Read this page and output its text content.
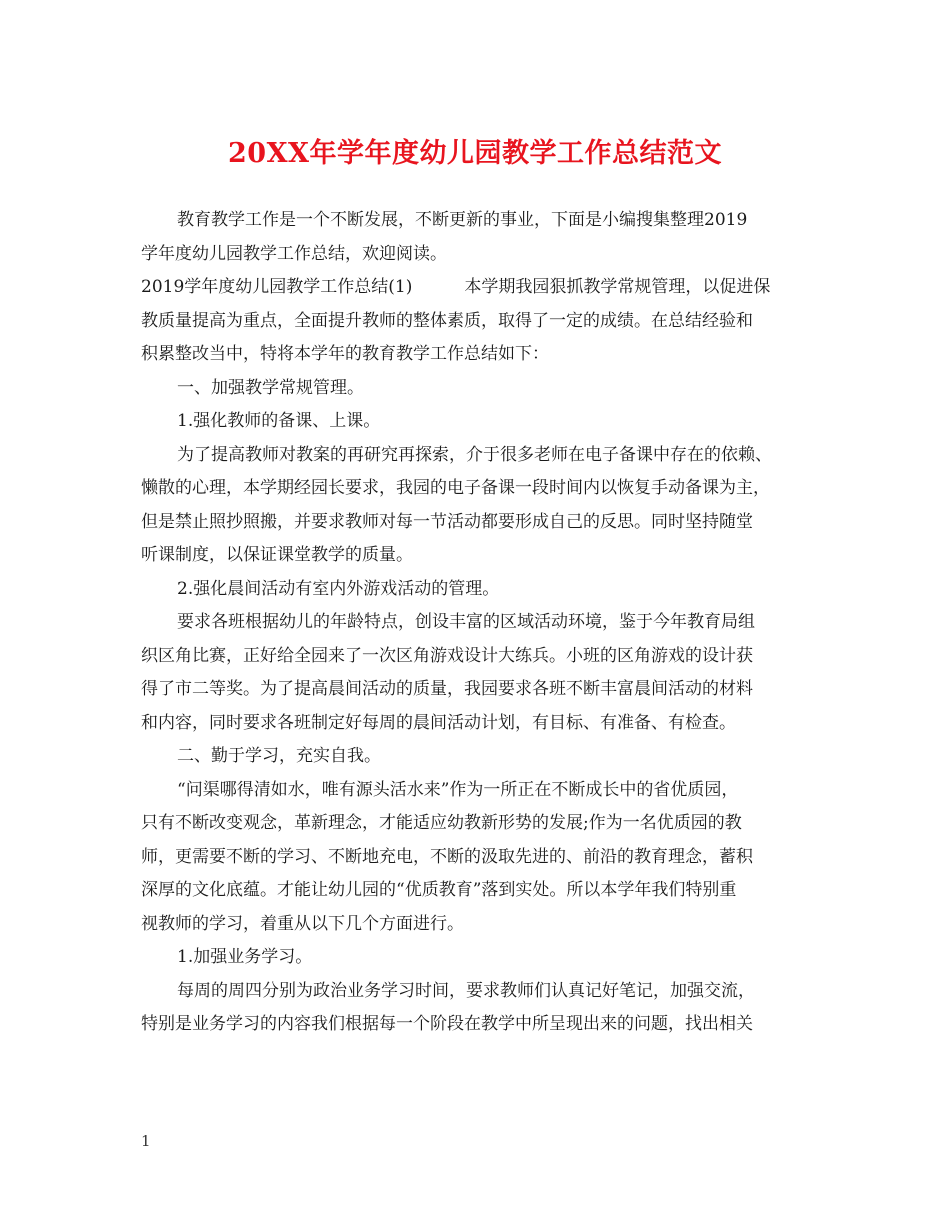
20XX年学年度幼儿园教学工作总结范文

教育教学工作是一个不断发展，不断更新的事业，下面是小编搜集整理2019

学年度幼儿园教学工作总结，欢迎阅读。

2019学年度幼儿园教学工作总结(1)	本学期我园狠抓教学常规管理，以促进保

教质量提高为重点，全面提升教师的整体素质，取得了一定的成绩。在总结经验和

积累整改当中，特将本学年的教育教学工作总结如下：

一、加强教学常规管理。

1.强化教师的备课、上课。

为了提高教师对教案的再研究再探索，介于很多老师在电子备课中存在的依赖、

懒散的心理，本学期经园长要求，我园的电子备课一段时间内以恢复手动备课为主，

但是禁止照抄照搬，并要求教师对每一节活动都要形成自己的反思。同时坚持随堂

听课制度，以保证课堂教学的质量。

2.强化晨间活动有室内外游戏活动的管理。

要求各班根据幼儿的年龄特点，创设丰富的区域活动环境，鉴于今年教育局组

织区角比赛，正好给全园来了一次区角游戏设计大练兵。小班的区角游戏的设计获

得了市二等奖。为了提高晨间活动的质量，我园要求各班不断丰富晨间活动的材料

和内容，同时要求各班制定好每周的晨间活动计划，有目标、有准备、有检查。

二、勤于学习，充实自我。

“问渠哪得清如水，唯有源头活水来”作为一所正在不断成长中的省优质园，

只有不断改变观念，革新理念，才能适应幼教新形势的发展;作为一名优质园的教

师，更需要不断的学习、不断地充电，不断的汲取先进的、前沿的教育理念，蓄积

深厚的文化底蕴。才能让幼儿园的“优质教育”落到实处。所以本学年我们特别重

视教师的学习，着重从以下几个方面进行。

1.加强业务学习。

每周的周四分别为政治业务学习时间，要求教师们认真记好笔记，加强交流，

特别是业务学习的内容我们根据每一个阶段在教学中所呈现出来的问题，找出相关

1
